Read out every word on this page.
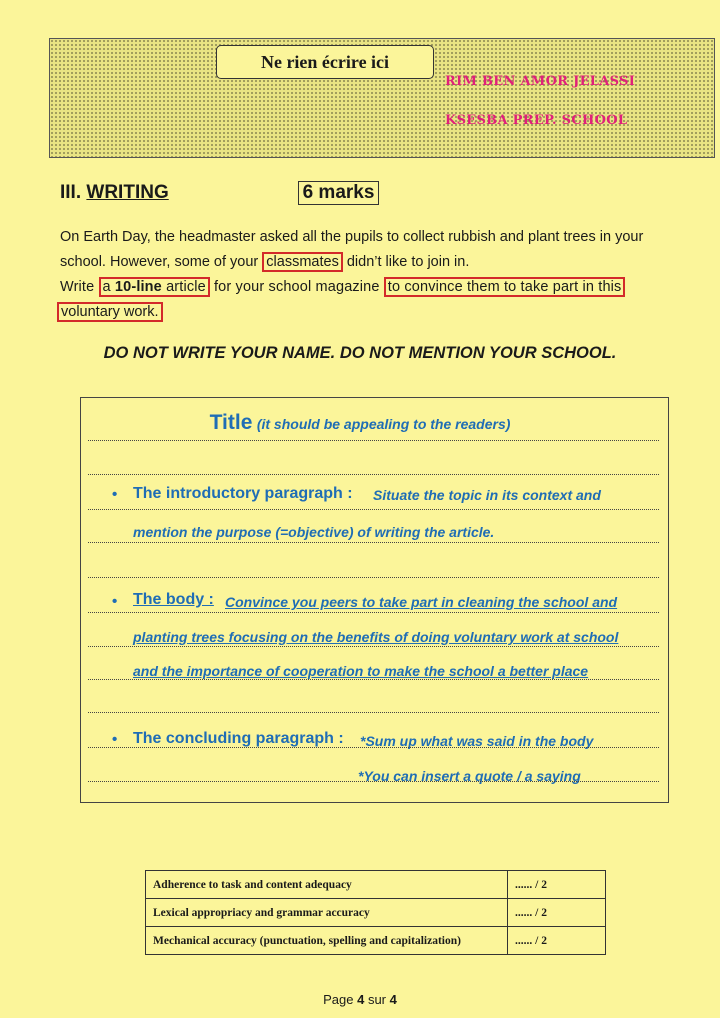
Ne rien écrire ici
RIM BEN AMOR JELASSI
KSESBA PREP. SCHOOL
III. WRITING	6 marks
On Earth Day, the headmaster asked all the pupils to collect rubbish and plant trees in your
school. However, some of your classmates didn’t like to join in.
Write a 10-line article for your school magazine to convince them to take part in this
voluntary work.
DO NOT WRITE YOUR NAME. DO NOT MENTION YOUR SCHOOL.
Title (it should be appealing to the readers)
• The introductory paragraph : Situate the topic in its context and
mention the purpose (=objective) of writing the article.
• The body : Convince you peers to take part in cleaning the school and
planting trees focusing on the benefits of doing voluntary work at school
and the importance of cooperation to make the school a better place
• The concluding paragraph : *Sum up what was said in the body
*You can insert a quote / a saying
Adherence to task and content adequacy	...... / 2
Lexical appropriacy and grammar accuracy	...... / 2
Mechanical accuracy (punctuation, spelling and capitalization)	...... / 2
Page 4 sur 4
